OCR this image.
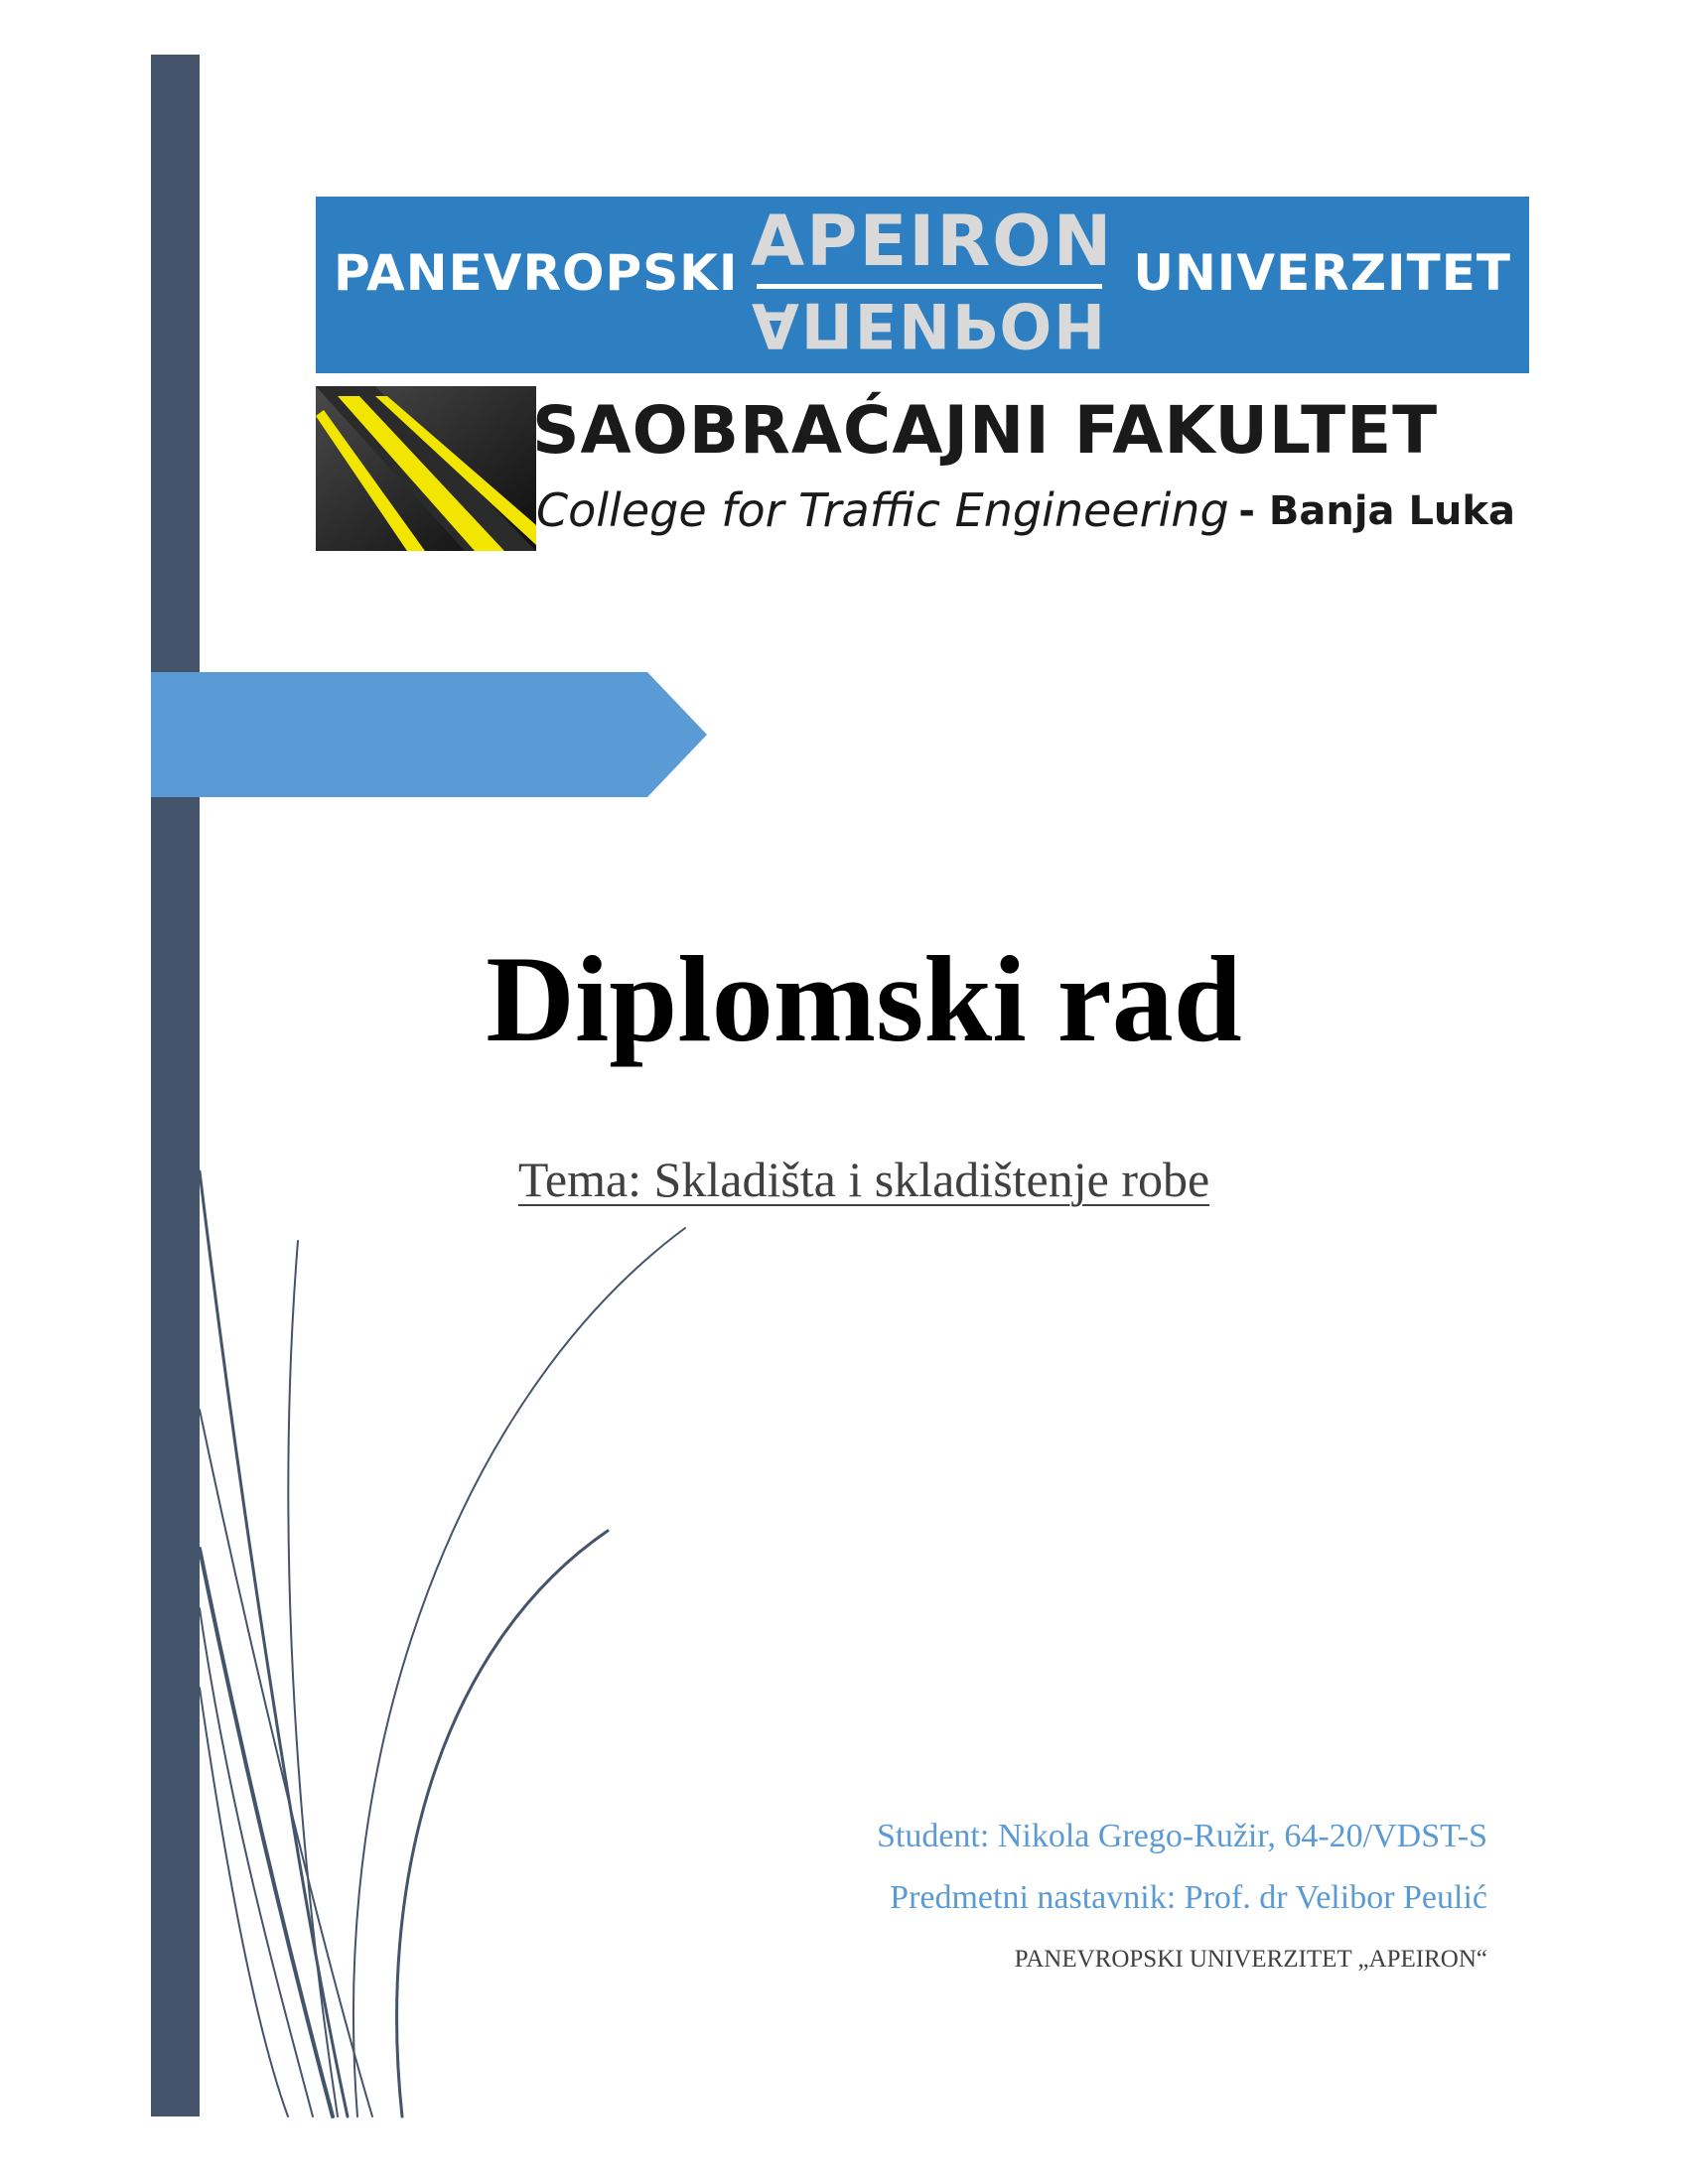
PANEVROPSKI APEIRON
АПЕИРОН
UNIVERZITET
SAOBRAĆAJNI FAKULTET
College for Traffic Engineering - Banja Luka
Diplomski rad
Tema: Skladišta i skladištenje robe
Student: Nikola Grego-Ružir, 64-20/VDST-S
Predmetni nastavnik: Prof. dr Velibor Peulić
PANEVROPSKI UNIVERZITET „APEIRON“
